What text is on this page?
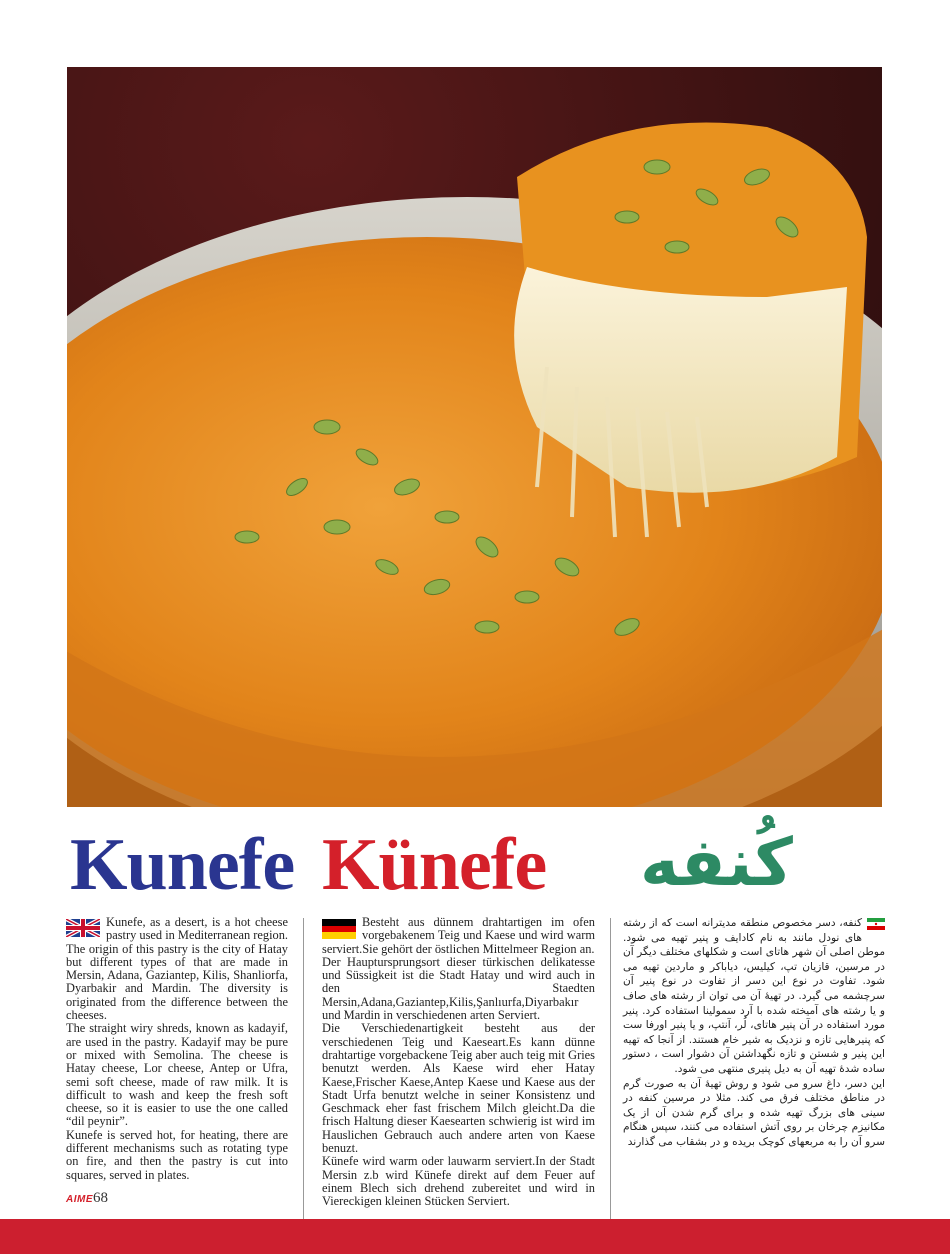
Kunefe Künefe کُنفه

Kunefe, as a desert, is a hot cheese pastry used in Mediterranean region.

The origin of this pastry is the city of Hatay but different types of that are made in Mersin, Adana, Gaziantep, Kilis, Shanliorfa, Dyarbakir and Mardin. The diversity is originated from the difference between the cheeses.

The straight wiry shreds, known as kadayif, are used in the pastry. Kadayif may be pure or mixed with Semolina. The cheese is Hatay cheese, Lor cheese, Antep or Ufra, semi soft cheese, made of raw milk. It is difficult to wash and keep the fresh soft cheese, so it is easier to use the one called “dil peynir”.

Kunefe is served hot, for heating, there are different mechanisms such as rotating type on fire, and then the pastry is cut into squares, served in plates.

Besteht aus dünnem drahtartigen im ofen vorgebakenem Teig und Kaese und wird warm serviert.Sie gehört der östlichen Mittelmeer Region an.

Der Hauptursprungsort dieser türkischen delikatesse und Süssigkeit ist die Stadt Hatay und wird auch in den Staedten Mersin,Adana,Gaziantep,Kilis,Şanlıurfa,Diyarbakır und Mardin in verschiedenen arten Serviert.

Die Verschiedenartigkeit besteht aus der verschiedenen Teig und Kaeseart.Es kann dünne drahtartige vorgebackene Teig aber auch teig mit Gries benutzt werden. Als Kaese wird eher Hatay Kaese,Frischer Kaese,Antep Kaese und Kaese aus der Stadt Urfa benutzt welche in seiner Konsistenz und Geschmack eher fast frischem Milch gleicht.Da die frisch Haltung dieser Kaesearten schwierig ist wird im Hauslichen Gebrauch auch andere arten von Kaese benuzt.

Künefe wird warm oder lauwarm serviert.In der Stadt Mersin z.b wird Künefe direkt auf dem Feuer auf einem Blech sich drehend zubereitet und wird in Viereckigen kleinen Stücken Serviert.

کنفه، دسر مخصوص منطقه مدیترانه است که از رشته های نودل مانند به نام کادایف و پنیر تهیه می شود. موطن اصلی آن شهر هاتای است و شکلهای مختلف دیگر آن در مرسین، قازیان تپ، کیلیس، دیاباکر و ماردین تهیه می شود. تفاوت در نوع این دسر از تفاوت در نوع پنیر آن سرچشمه می گیرد. در تهیهٔ آن می توان از رشته های صاف و یا رشته های آمیخته شده با آرد سمولینا استفاده کرد. پنیر مورد استفاده در آن پنیر هاتای، لُر، آنتپ، و یا پنیر اورفا ست که پنیرهایی تازه و نزدیک به شیر خام هستند. از آنجا که تهیه این پنیر و شستن و تازه نگهداشتن آن دشوار است ، دستور ساده شدهٔ تهیه آن به دیل پنیری منتهی می شود.

این دسر، داغ سرو می شود و روش تهیهٔ آن به صورت گرم در مناطق مختلف فرق می کند. مثلا در مرسین کنفه در سینی های بزرگ تهیه شده و برای گرم شدن آن از یک مکانیزم چرخان بر روی آتش استفاده می کنند، سپس هنگام سرو آن را به مربعهای کوچک بریده و در بشقاب می گذارند

AIME68
